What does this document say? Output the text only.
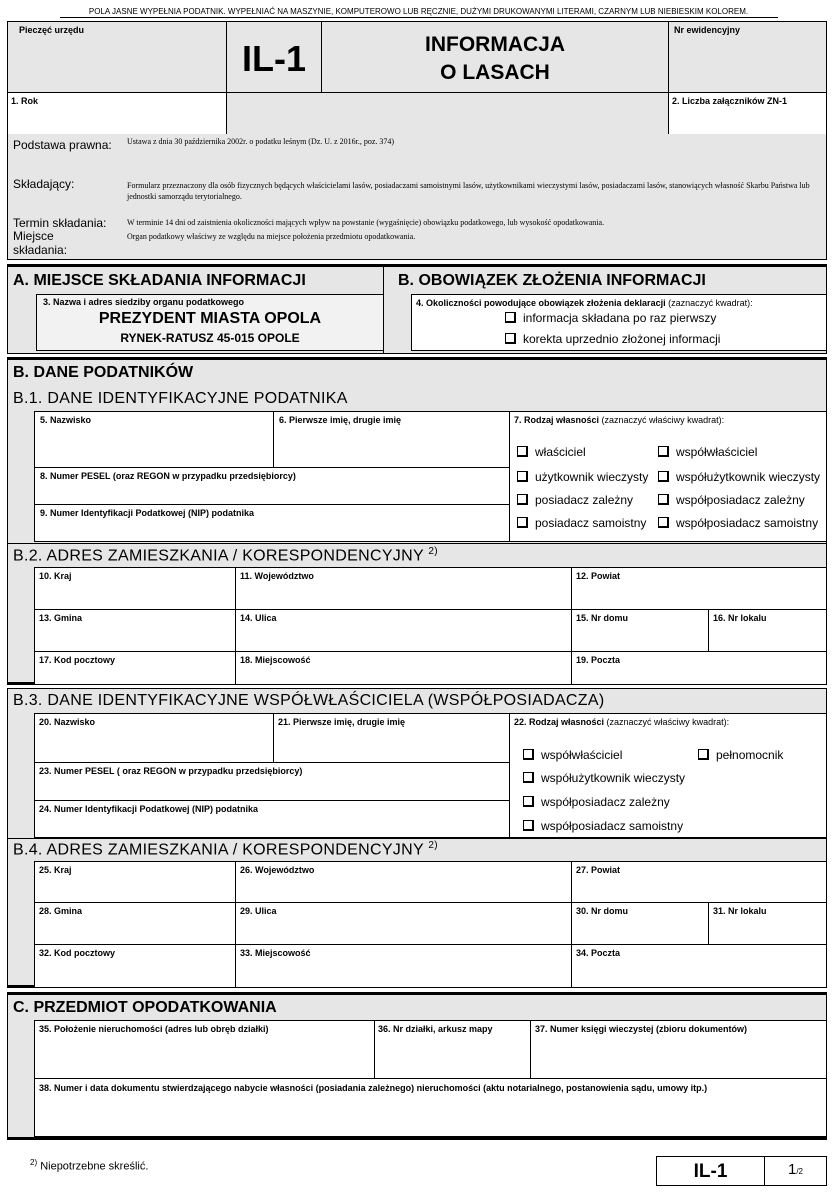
POLA JASNE WYPEŁNIA PODATNIK. WYPEŁNIAĆ NA MASZYNIE, KOMPUTEROWO LUB RĘCZNIE, DUŻYMI DRUKOWANYMI LITERAMI, CZARNYM LUB NIEBIESKIM KOLOREM.
Pieczęć urzędu
IL-1	INFORMACJA
O LASACH
Nr ewidencyjny
1. Rok	2. Liczba załączników ZN-1
Podstawa prawna: Ustawa z dnia 30 października 2002r. o podatku leśnym (Dz. U. z 2016r., poz. 374)
Składający:	Formularz przeznaczony dla osób fizycznych będących właścicielami lasów, posiadaczami samoistnymi lasów, użytkownikami wieczystymi lasów, posiadaczami lasów, stanowiących własność Skarbu Państwa lub jednostki samorządu terytorialnego.
Termin składania:	W terminie 14 dni od zaistnienia okoliczności mających wpływ na powstanie (wygaśnięcie) obowiązku podatkowego, lub wysokość opodatkowania.
Miejsce składania:
Organ podatkowy właściwy ze względu na miejsce położenia przedmiotu opodatkowania.
A. MIEJSCE SKŁADANIA INFORMACJI	B. OBOWIĄZEK ZŁOŻENIA INFORMACJI
3. Nazwa i adres siedziby organu podatkowego
PREZYDENT MIASTA OPOLA
RYNEK-RATUSZ 45-015 OPOLE
4. Okoliczności powodujące obowiązek złożenia deklaracji (zaznaczyć kwadrat):
informacja składana po raz pierwszy
korekta uprzednio złożonej informacji
B. DANE PODATNIKÓW
B.1. DANE IDENTYFIKACYJNE PODATNIKA
5. Nazwisko	6. Pierwsze imię, drugie imię
8. Numer PESEL (oraz REGON w przypadku przedsiębiorcy)
9. Numer Identyfikacji Podatkowej (NIP) podatnika
7. Rodzaj własności (zaznaczyć właściwy kwadrat):
właściciel	współwłaściciel
użytkownik wieczysty	współużytkownik wieczysty
posiadacz zależny	współposiadacz zależny
posiadacz samoistny	współposiadacz samoistny
B.2. ADRES ZAMIESZKANIA / KORESPONDENCYJNY $^{2)}$
10. Kraj	11. Województwo	12. Powiat
13. Gmina	14. Ulica	15. Nr domu	16. Nr lokalu
17. Kod pocztowy	18. Miejscowość	19. Poczta
B.3. DANE IDENTYFIKACYJNE WSPÓŁWŁAŚCICIELA (WSPÓŁPOSIADACZA)
20. Nazwisko	21. Pierwsze imię, drugie imię
23. Numer PESEL ( oraz REGON w przypadku przedsiębiorcy)
24. Numer Identyfikacji Podatkowej (NIP) podatnika
22. Rodzaj własności (zaznaczyć właściwy kwadrat):
współwłaściciel	pełnomocnik
współużytkownik wieczysty
współposiadacz zależny
współposiadacz samoistny
B.4. ADRES ZAMIESZKANIA / KORESPONDENCYJNY $^{2)}$
25. Kraj	26. Województwo	27. Powiat
28. Gmina	29. Ulica	30. Nr domu	31. Nr lokalu
32. Kod pocztowy	33. Miejscowość	34. Poczta
C. PRZEDMIOT OPODATKOWANIA
35. Położenie nieruchomości (adres lub obręb działki)	36. Nr działki, arkusz mapy	37. Numer księgi wieczystej (zbioru dokumentów)
38. Numer i data dokumentu stwierdzającego nabycie własności (posiadania zależnego) nieruchomości (aktu notarialnego, postanowienia sądu, umowy itp.)
$^{2)}$ Niepotrzebne skreślić.	IL-1	1/2
